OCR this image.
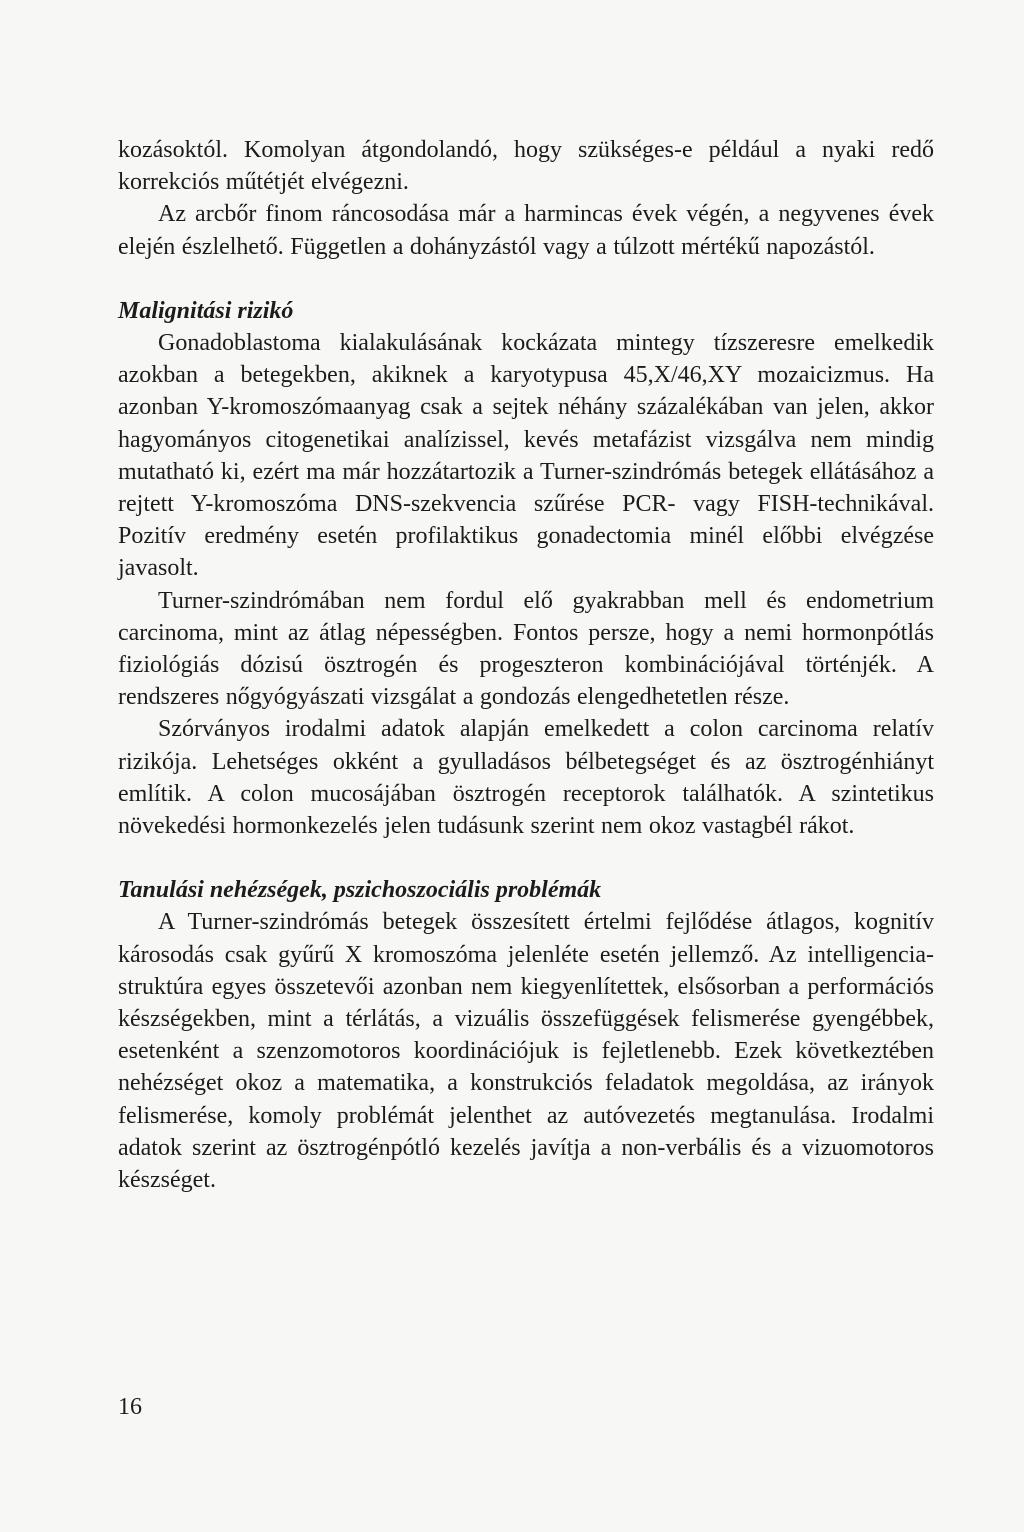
kozásoktól. Komolyan átgondolandó, hogy szükséges-e például a nyaki redő korrekciós műtétjét elvégezni.

Az arcbőr finom ráncosodása már a harmincas évek végén, a negyvenes évek elején észlelhető. Független a dohányzástól vagy a túlzott mértékű napozástól.

Malignitási rizikó

Gonadoblastoma kialakulásának kockázata mintegy tízszeresre emelkedik azokban a betegekben, akiknek a karyotypusa 45,X/46,XY mozaicizmus. Ha azonban Y-kromoszómaanyag csak a sejtek néhány százalékában van jelen, akkor hagyományos citogenetikai analízissel, kevés metafázist vizsgálva nem mindig mutatható ki, ezért ma már hozzátartozik a Turner-szindrómás betegek ellátásához a rejtett Y-kromoszóma DNS-szekvencia szűrése PCR- vagy FISH-technikával. Pozitív eredmény esetén profilaktikus gonadectomia minél előbbi elvégzése javasolt.

Turner-szindrómában nem fordul elő gyakrabban mell és endometrium carcinoma, mint az átlag népességben. Fontos persze, hogy a nemi hormonpótlás fiziológiás dózisú ösztrogén és progeszteron kombinációjával történjék. A rendszeres nőgyógyászati vizsgálat a gondozás elengedhetetlen része.

Szórványos irodalmi adatok alapján emelkedett a colon carcinoma relatív rizikója. Lehetséges okként a gyulladásos bélbetegséget és az ösztrogénhiányt említik. A colon mucosájában ösztrogén receptorok találhatók. A szintetikus növekedési hormonkezelés jelen tudásunk szerint nem okoz vastagbél rákot.

Tanulási nehézségek, pszichoszociális problémák

A Turner-szindrómás betegek összesített értelmi fejlődése átlagos, kognitív károsodás csak gyűrű X kromoszóma jelenléte esetén jellemző. Az intelligencia-struktúra egyes összetevői azonban nem kiegyenlítettek, elsősorban a performációs készségekben, mint a térlátás, a vizuális összefüggések felismerése gyengébbek, esetenként a szenzomotoros koordinációjuk is fejletlenebb. Ezek következtében nehézséget okoz a matematika, a konstrukciós feladatok megoldása, az irányok felismerése, komoly problémát jelenthet az autóvezetés megtanulása. Irodalmi adatok szerint az ösztrogénpótló kezelés javítja a non-verbális és a vizuomotoros készséget.

16
